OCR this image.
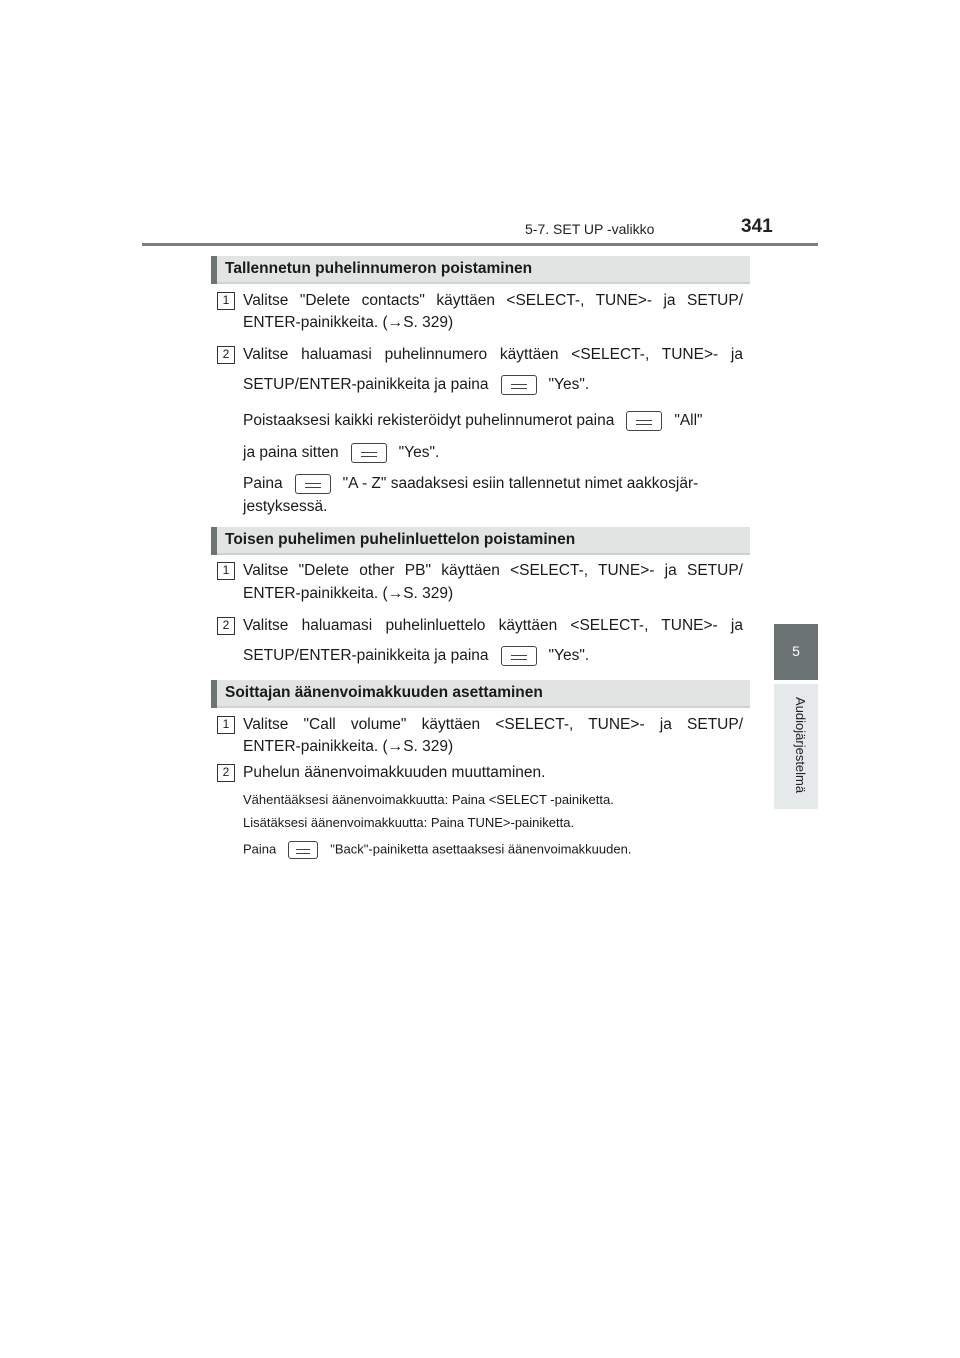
5-7. SET UP -valikko	341
5
Audiojärjestelmä
Tallennetun puhelinnumeron poistaminen
1 Valitse "Delete contacts" käyttäen <SELECT-, TUNE>- ja SETUP/
ENTER-painikkeita. (→S. 329)
2 Valitse haluamasi puhelinnumero käyttäen <SELECT-, TUNE>- ja
SETUP/ENTER-painikkeita ja paina	"Yes".
Poistaaksesi kaikki rekisteröidyt puhelinnumerot paina	"All"
ja paina sitten	"Yes".
Paina	"A - Z" saadaksesi esiin tallennetut nimet aakkosjär-
jestyksessä.
Toisen puhelimen puhelinluettelon poistaminen
1 Valitse "Delete other PB" käyttäen <SELECT-, TUNE>- ja SETUP/
ENTER-painikkeita. (→S. 329)
2 Valitse haluamasi puhelinluettelo käyttäen <SELECT-, TUNE>- ja
SETUP/ENTER-painikkeita ja paina	"Yes".
Soittajan äänenvoimakkuuden asettaminen
1 Valitse "Call volume" käyttäen <SELECT-, TUNE>- ja SETUP/
ENTER-painikkeita. (→S. 329)
2 Puhelun äänenvoimakkuuden muuttaminen.
Vähentääksesi äänenvoimakkuutta: Paina <SELECT -painiketta.
Lisätäksesi äänenvoimakkuutta: Paina TUNE>-painiketta.
Paina	"Back"-painiketta asettaaksesi äänenvoimakkuuden.
